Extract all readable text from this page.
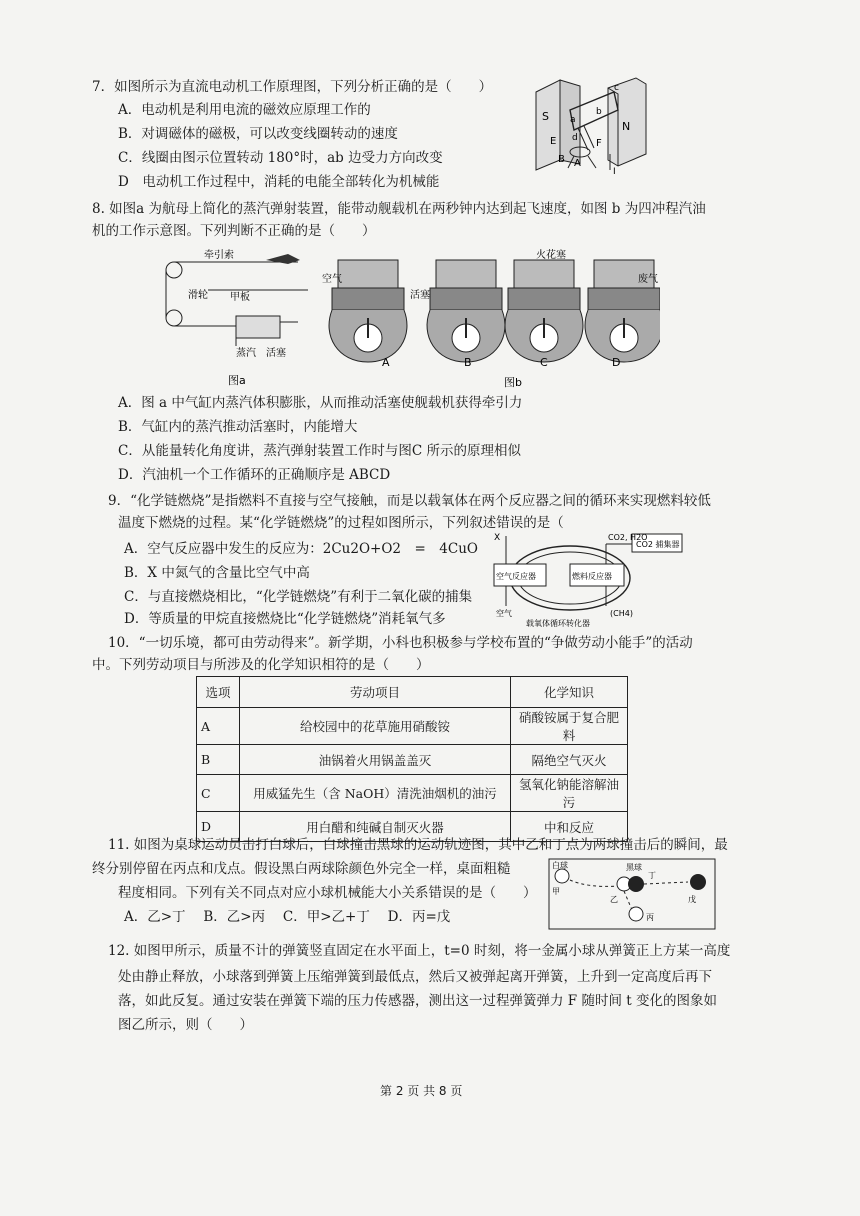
7．如图所示为直流电动机工作原理图，下列分析正确的是（　　）
A．电动机是利用电流的磁效应原理工作的
B．对调磁体的磁极，可以改变线圈转动的速度
C．线圈由图示位置转动 180°时，ab 边受力方向改变
D　电动机工作过程中，消耗的电能全部转化为机械能
S
N
a
b
c
d
E	F
A
B
I
8. 如图a 为航母上简化的蒸汽弹射装置，能带动舰载机在两秒钟内达到起飞速度，如图 b 为四冲程汽油
机的工作示意图。下列判断不正确的是（　　）
牵引索
滑轮 甲板
蒸汽 活塞
图a
空气
活塞
火花塞
废气
A	B	C	D
图b
A．图 a 中气缸内蒸汽体积膨胀，从而推动活塞使舰载机获得牵引力
B．气缸内的蒸汽推动活塞时，内能增大
C．从能量转化角度讲，蒸汽弹射装置工作时与图C 所示的原理相似
D．汽油机一个工作循环的正确顺序是 ABCD
9．“化学链燃烧”是指燃料不直接与空气接触，而是以载氧体在两个反应器之间的循环来实现燃料较低
温度下燃烧的过程。某“化学链燃烧”的过程如图所示，下列叙述错误的是（
A．空气反应器中发生的反应为：2Cu2O+O2　=　4CuO
B．X 中氮气的含量比空气中高
C．与直接燃烧相比，“化学链燃烧”有利于二氧化碳的捕集
D．等质量的甲烷直接燃烧比“化学链燃烧”消耗氧气多
X	CO2, H2O
CO2 捕集器
空气反应器	燃料反应器
空气	(CH4)
载氧体循环转化器
10．“一切乐境，都可由劳动得来”。新学期，小科也积极参与学校布置的“争做劳动小能手”的活动
中。下列劳动项目与所涉及的化学知识相符的是（　　）
选项	劳动项目	化学知识
A	给校园中的花草施用硝酸铵	硝酸铵属于复合肥料
B	油锅着火用锅盖盖灭	隔绝空气灭火
C	用威猛先生（含 NaOH）清洗油烟机的油污	氢氧化钠能溶解油污
D	用白醋和纯碱自制灭火器	中和反应
11. 如图为桌球运动员击打白球后，白球撞击黑球的运动轨迹图，其中乙和丁点为两球撞击后的瞬间，最
终分别停留在丙点和戊点。假设黑白两球除颜色外完全一样，桌面粗糙
程度相同。下列有关不同点对应小球机械能大小关系错误的是（　　）
A．乙>丁　 B．乙>丙　 C．甲>乙+丁　 D．丙=戊
白球
甲
黑球
乙
丁
丙
戊
12. 如图甲所示，质量不计的弹簧竖直固定在水平面上，t=0 时刻，将一金属小球从弹簧正上方某一高度
处由静止释放，小球落到弹簧上压缩弹簧到最低点，然后又被弹起离开弹簧，上升到一定高度后再下
落，如此反复。通过安装在弹簧下端的压力传感器，测出这一过程弹簧弹力 F 随时间 t 变化的图象如
图乙所示，则（　　）
第 2 页 共 8 页
